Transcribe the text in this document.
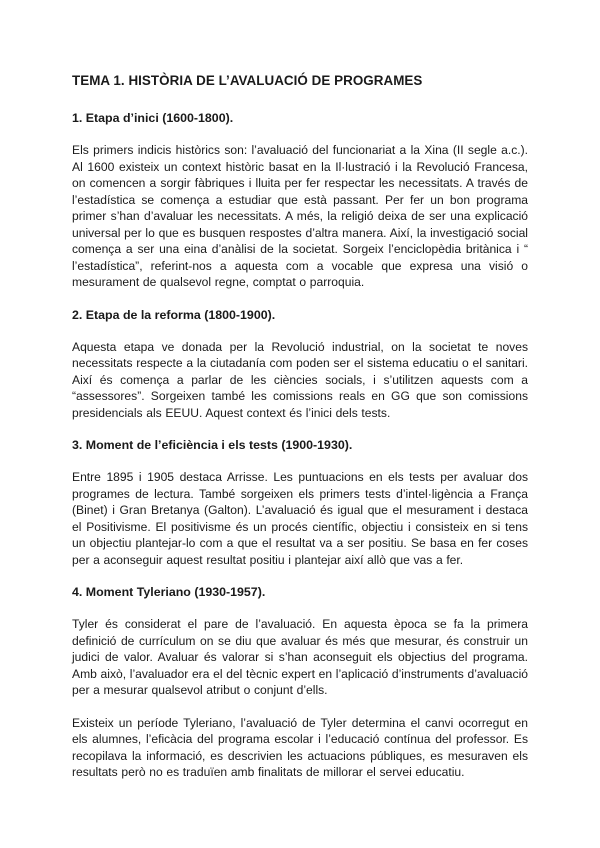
TEMA 1. HISTÒRIA DE L’AVALUACIÓ DE PROGRAMES
1. Etapa d’inici (1600-1800).

Els primers indicis històrics son: l’avaluació del funcionariat a la Xina (II segle a.c.). Al 1600 existeix un context històric basat en la Il·lustració i la Revolució Francesa, on comencen a sorgir fàbriques i lluita per fer respectar les necessitats. A través de l’estadística se comença a estudiar que està passant. Per fer un bon programa primer s’han d’avaluar les necessitats. A més, la religió deixa de ser una explicació universal per lo que es busquen respostes d’altra manera. Així, la investigació social comença a ser una eina d’anàlisi de la societat. Sorgeix l’enciclopèdia britànica i “ l’estadística”, referint-nos a aquesta com a vocable que expresa una visió o mesurament de qualsevol regne, comptat o parroquia.

2. Etapa de la reforma (1800-1900).

Aquesta etapa ve donada per la Revolució industrial, on la societat te noves necessitats respecte a la ciutadanía com poden ser el sistema educatiu o el sanitari. Així és comença a parlar de les ciències socials, i s’utilitzen aquests com a “assessores”. Sorgeixen també les comissions reals en GG que son comissions presidencials als EEUU. Aquest context és l’inici dels tests.

3. Moment de l’eficiència i els tests (1900-1930).

Entre 1895 i 1905 destaca Arrisse. Les puntuacions en els tests per avaluar dos programes de lectura. També sorgeixen els primers tests d’intel·ligència a França (Binet) i Gran Bretanya (Galton). L’avaluació és igual que el mesurament i destaca el Positivisme. El positivisme és un procés científic, objectiu i consisteix en si tens un objectiu plantejar-lo com a que el resultat va a ser positiu. Se basa en fer coses per a aconseguir aquest resultat positiu i plantejar així allò que vas a fer.

4. Moment Tyleriano (1930-1957).

Tyler és considerat el pare de l’avaluació. En aquesta època se fa la primera definició de currículum on se diu que avaluar és més que mesurar, és construir un judici de valor. Avaluar és valorar si s’han aconseguit els objectius del programa. Amb això, l’avaluador era el del tècnic expert en l’aplicació d’instruments d’avaluació per a mesurar qualsevol atribut o conjunt d’ells.

Existeix un període Tyleriano, l’avaluació de Tyler determina el canvi ocorregut en els alumnes, l’eficàcia del programa escolar i l’educació contínua del professor. Es recopilava la informació, es descrivien les actuacions públiques, es mesuraven els resultats però no es traduïen amb finalitats de millorar el servei educatiu.
